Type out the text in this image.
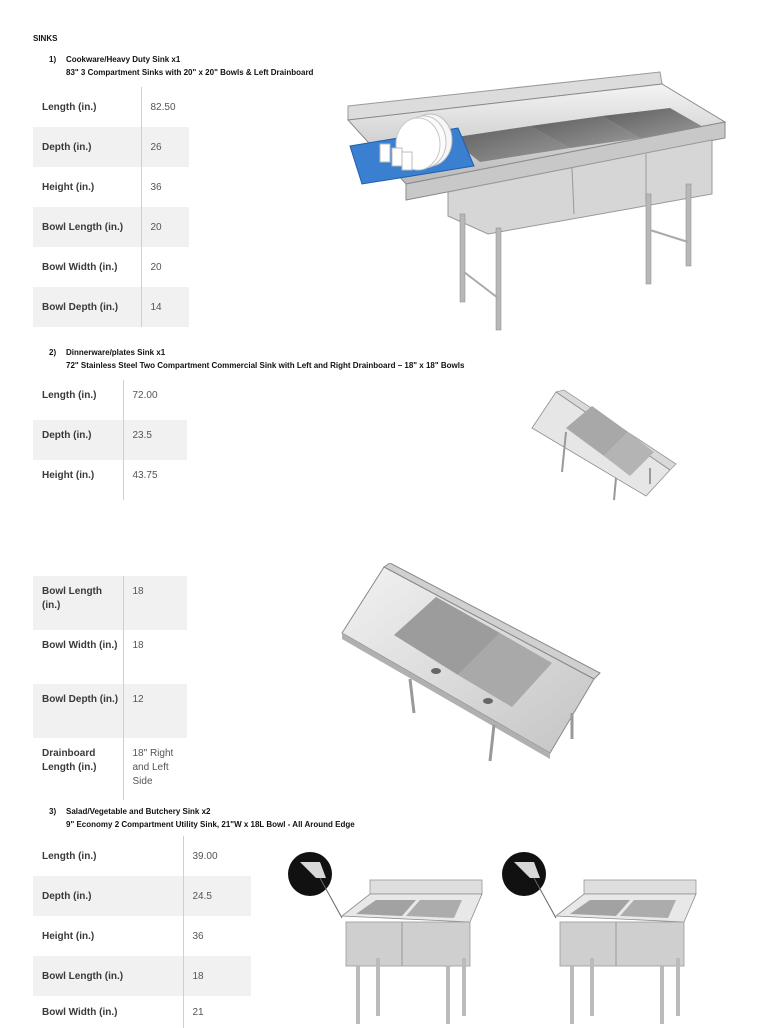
SINKS
1) Cookware/Heavy Duty Sink x1
83" 3 Compartment Sinks with 20" x 20" Bowls & Left Drainboard
Length (in.)	82.50
Depth (in.)	26
Height (in.)	36
Bowl Length (in.)	20
Bowl Width (in.)	20
Bowl Depth (in.)	14
2) Dinnerware/plates Sink x1
72" Stainless Steel Two Compartment Commercial Sink with Left and Right Drainboard – 18" x 18" Bowls
Length (in.)	72.00
Depth (in.)	23.5
Height (in.)	43.75
Bowl Length (in.)	18
Bowl Width (in.)	18
Bowl Depth (in.)	12
Drainboard Length (in.)	18" Right and Left Side
3) Salad/Vegetable and Butchery Sink x2
9" Economy 2 Compartment Utility Sink, 21"W x 18L Bowl - All Around Edge
Length (in.)	39.00
Depth (in.)	24.5
Height (in.)	36
Bowl Length (in.)	18
Bowl Width (in.)	21
